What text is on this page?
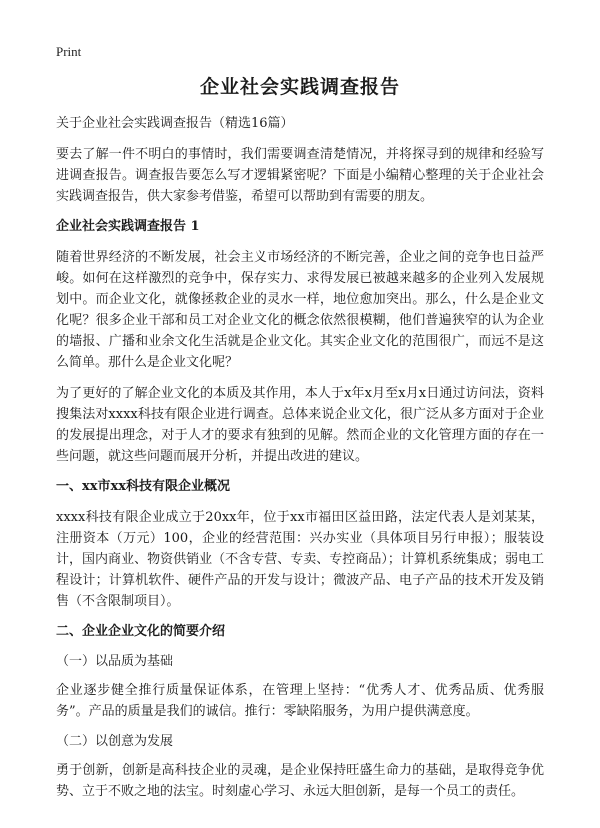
Print
企业社会实践调查报告
关于企业社会实践调查报告（精选16篇）

要去了解一件不明白的事情时，我们需要调查清楚情况，并将探寻到的规律和经验写进调查报告。调查报告要怎么写才逻辑紧密呢？下面是小编精心整理的关于企业社会实践调查报告，供大家参考借鉴，希望可以帮助到有需要的朋友。

企业社会实践调查报告 1

随着世界经济的不断发展，社会主义市场经济的不断完善，企业之间的竞争也日益严峻。如何在这样激烈的竞争中，保存实力、求得发展已被越来越多的企业列入发展规划中。而企业文化，就像拯救企业的灵水一样，地位愈加突出。那么，什么是企业文化呢？很多企业干部和员工对企业文化的概念依然很模糊，他们普遍狭窄的认为企业的墙报、广播和业余文化生活就是企业文化。其实企业文化的范围很广，而远不是这么简单。那什么是企业文化呢？

为了更好的了解企业文化的本质及其作用，本人于x年x月至x月x日通过访问法，资料搜集法对xxxx科技有限企业进行调查。总体来说企业文化，很广泛从多方面对于企业的发展提出理念，对于人才的要求有独到的见解。然而企业的文化管理方面的存在一些问题，就这些问题而展开分析，并提出改进的建议。

一、xx市xx科技有限企业概况

xxxx科技有限企业成立于20xx年，位于xx市福田区益田路，法定代表人是刘某某，注册资本（万元）100，企业的经营范围：兴办实业（具体项目另行申报）；服装设计，国内商业、物资供销业（不含专营、专卖、专控商品）；计算机系统集成；弱电工程设计；计算机软件、硬件产品的开发与设计；微波产品、电子产品的技术开发及销售（不含限制项目）。

二、企业企业文化的简要介绍
（一）以品质为基础

企业逐步健全推行质量保证体系，在管理上坚持：“优秀人才、优秀品质、优秀服务”。产品的质量是我们的诚信。推行：零缺陷服务，为用户提供满意度。

（二）以创意为发展

勇于创新，创新是高科技企业的灵魂，是企业保持旺盛生命力的基础，是取得竞争优势、立于不败之地的法宝。时刻虚心学习、永远大胆创新，是每一个员工的责任。
